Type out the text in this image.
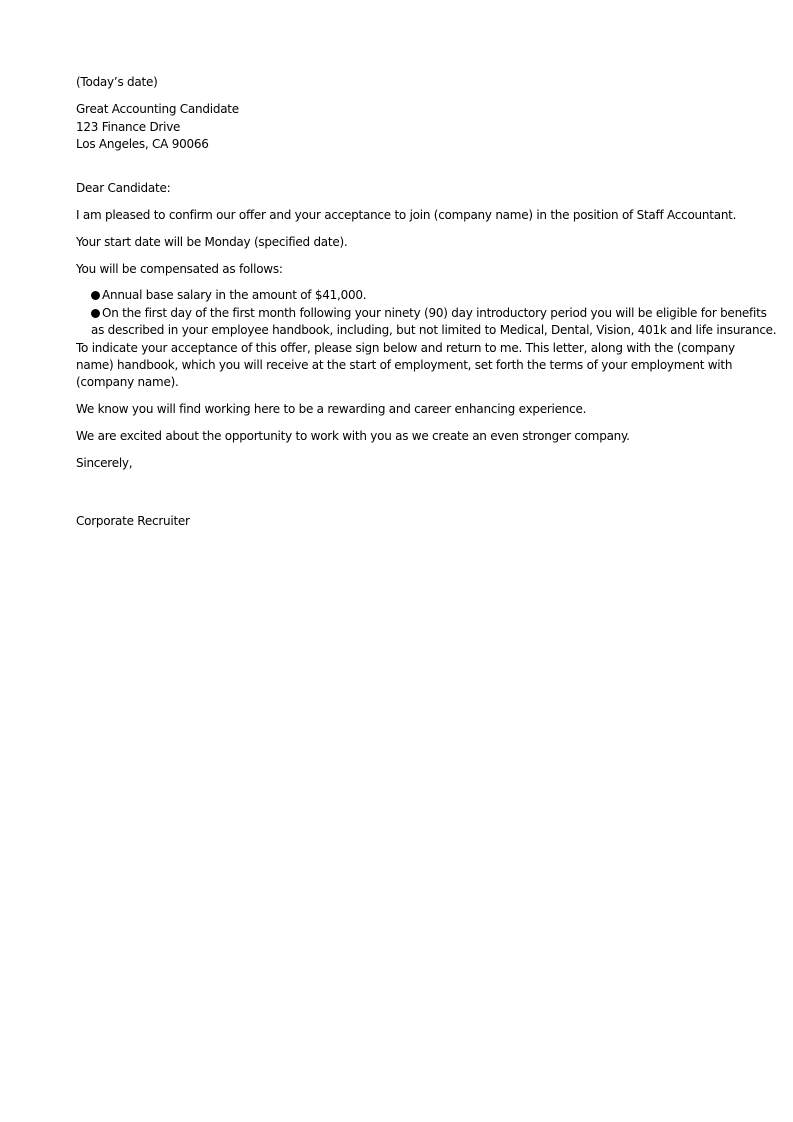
(Today’s date)

Great Accounting Candidate

123 Finance Drive

Los Angeles, CA 90066

Dear Candidate:

I am pleased to confirm our offer and your acceptance to join (company name) in the position of Staff Accountant.

Your start date will be Monday (specified date).

You will be compensated as follows:

Annual base salary in the amount of $41,000.

On the first day of the first month following your ninety (90) day introductory period you will be eligible for benefits

as described in your employee handbook, including, but not limited to Medical, Dental, Vision, 401k and life insurance.

To indicate your acceptance of this offer, please sign below and return to me. This letter, along with the (company

name) handbook, which you will receive at the start of employment, set forth the terms of your employment with

(company name).

We know you will find working here to be a rewarding and career enhancing experience.

We are excited about the opportunity to work with you as we create an even stronger company.

Sincerely,

Corporate Recruiter
